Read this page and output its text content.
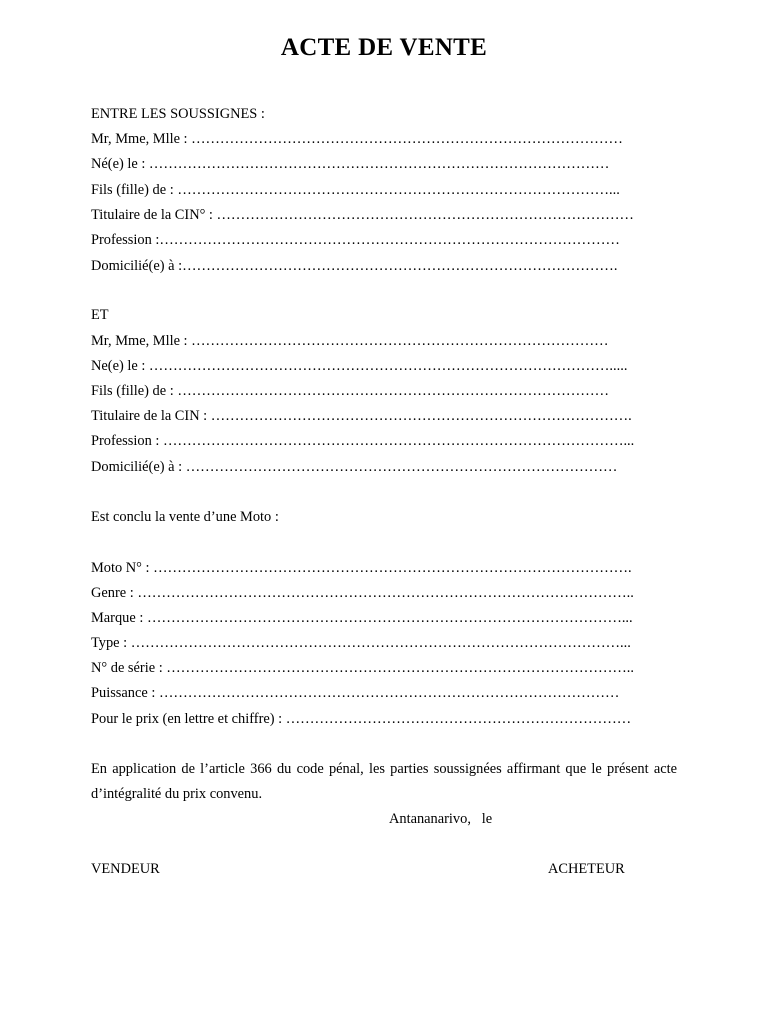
ACTE DE VENTE
ENTRE LES SOUSSIGNES :
Mr, Mme, Mlle : ………………………………………………………………………………
Né(e) le : ……………………………………………………………………………………
Fils (fille) de : ………………………………………………………………………………...
Titulaire de la CIN° : ……………………………………………………………………………
Profession :……………………………………………………………………………………
Domicilié(e) à :……………………………………………………………………………….
ET
Mr, Mme, Mlle : ……………………………………………………………………………
Ne(e) le : …………………………………………………………………………………….....
Fils (fille) de : ………………………………………………………………………………
Titulaire de la CIN : …………………………………………………………………………….
Profession : ……………………………………………………………………………………...
Domicilié(e) à : ………………………………………………………………………………
Est conclu la vente d’une Moto :
Moto N° : ……………………………………………………………………………………….
Genre : …………………………………………………………………………………………..
Marque : ………………………………………………………………………………………...
Type : …………………………………………………………………………………………...
N° de série : ……………………………………………………………………………………..
Puissance : ……………………………………………………………………………………
Pour le prix (en lettre et chiffre) : ………………………………………………………………
En application de l’article 366 du code pénal, les parties soussignées affirmant que le présent acte d’intégralité du prix convenu.
Antananarivo,   le
VENDEUR	ACHETEUR
